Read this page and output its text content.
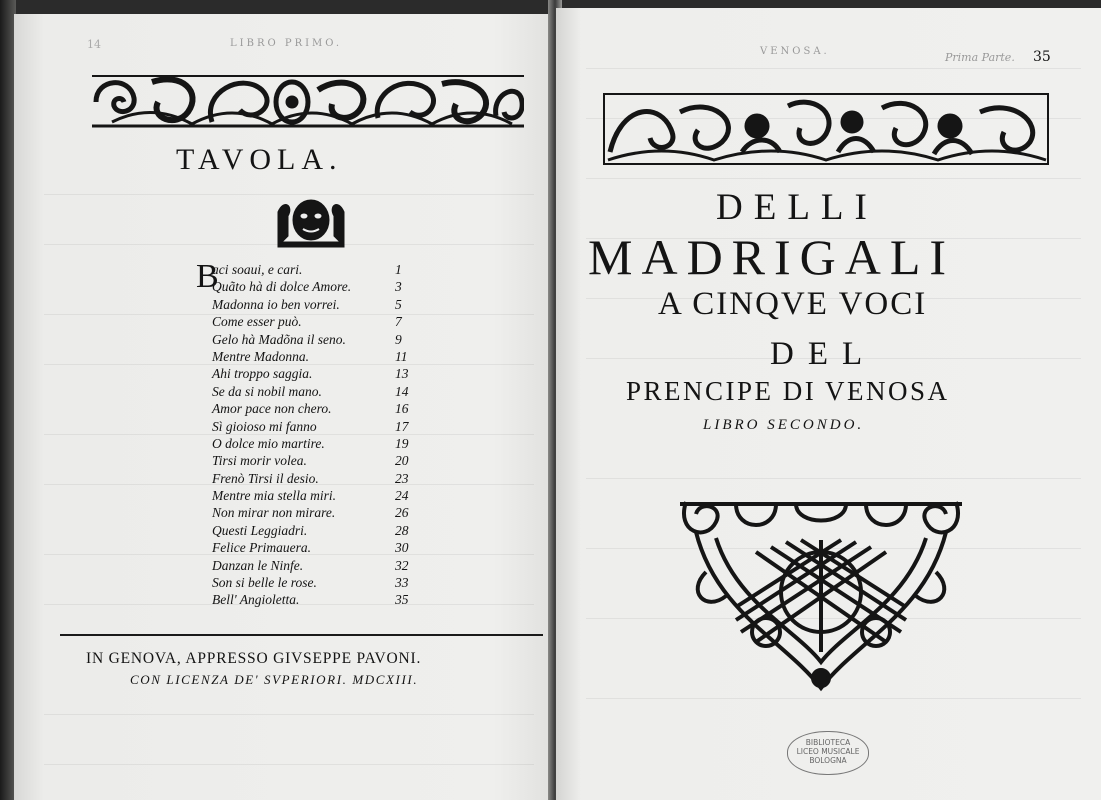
14	LIBRO PRIMO.
TAVOLA.
B
aci soaui, e cari.	1
Quãto hà di dolce Amore.	3
Madonna io ben vorrei.	5
Come esser può.	7
Gelo hà Madõna il seno.	9
Mentre Madonna.	11
Ahi troppo saggia.	13
Se da si nobil mano.	14
Amor pace non chero.	16
Sì gioioso mi fanno	17
O dolce mio martire.	19
Tirsi morir volea.	20
Frenò Tirsi il desio.	23
Mentre mia stella miri.	24
Non mirar non mirare.	26
Questi Leggiadri.	28
Felice Primauera.	30
Danzan le Ninfe.	32
Son si belle le rose.	33
Bell' Angioletta.	35
IN GENOVA, APPRESSO GIVSEPPE PAVONI.
CON LICENZA DE' SVPERIORI. MDCXIII.
VENOSA.	Prima Parte. 35
DELLI
MADRIGALI
A CINQVE VOCI
DEL
PRENCIPE DI VENOSA
LIBRO SECONDO.
BIBLIOTECA
LICEO MUSICALE
BOLOGNA
